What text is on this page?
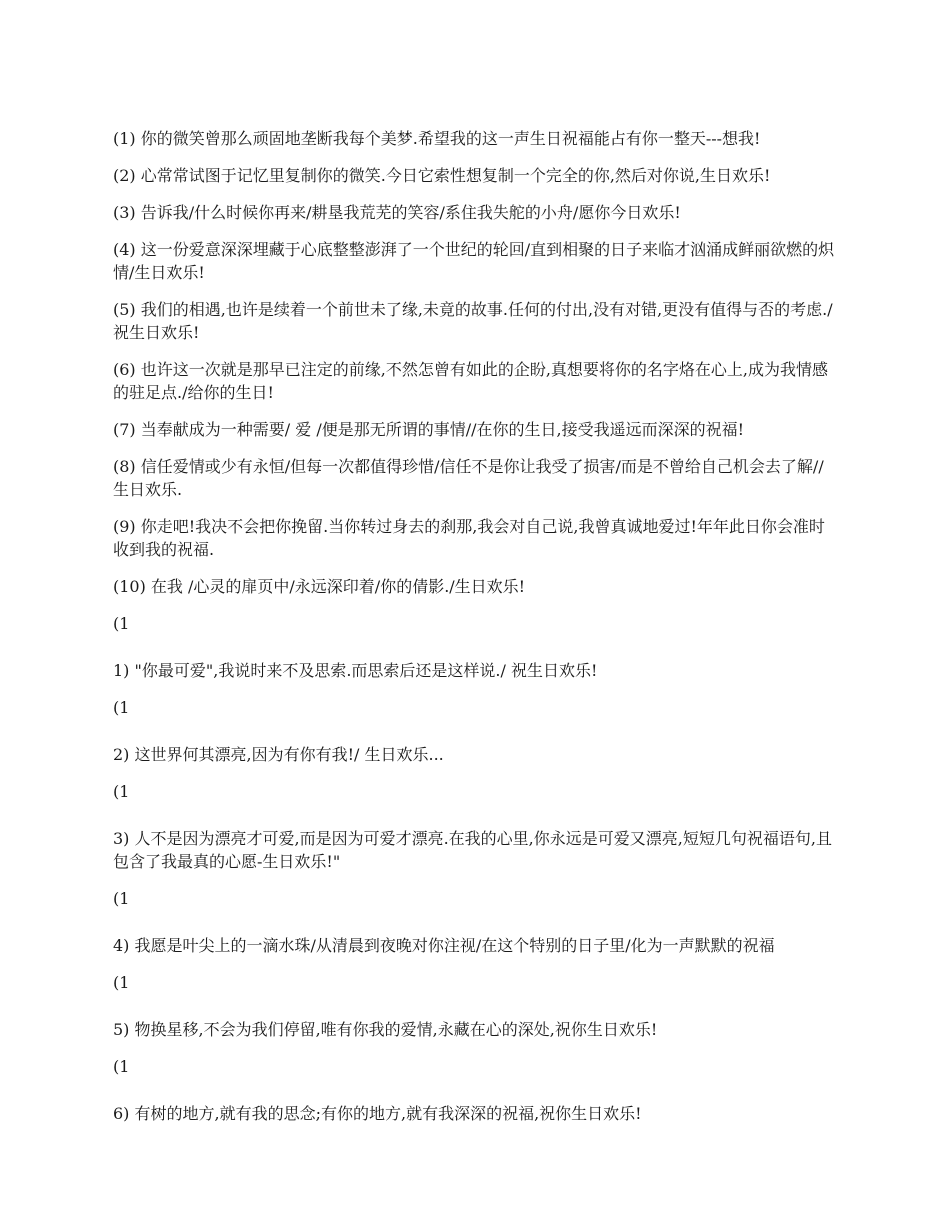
(1) 你的微笑曾那么顽固地垄断我每个美梦.希望我的这一声生日祝福能占有你一整天---想我!

(2) 心常常试图于记忆里复制你的微笑.今日它索性想复制一个完全的你,然后对你说,生日欢乐!

(3) 告诉我/什么时候你再来/耕垦我荒芜的笑容/系住我失舵的小舟/愿你今日欢乐!

(4) 这一份爱意深深埋藏于心底整整澎湃了一个世纪的轮回/直到相聚的日子来临才汹涌成鲜丽欲燃的炽情/生日欢乐!

(5) 我们的相遇,也许是续着一个前世未了缘,未竟的故事.任何的付出,没有对错,更没有值得与否的考虑./祝生日欢乐!

(6) 也许这一次就是那早已注定的前缘,不然怎曾有如此的企盼,真想要将你的名字烙在心上,成为我情感的驻足点./给你的生日!

(7) 当奉献成为一种需要/ 爱 /便是那无所谓的事情//在你的生日,接受我遥远而深深的祝福!

(8) 信任爱情或少有永恒/但每一次都值得珍惜/信任不是你让我受了损害/而是不曾给自己机会去了解//生日欢乐.

(9) 你走吧!我决不会把你挽留.当你转过身去的刹那,我会对自己说,我曾真诚地爱过!年年此日你会准时收到我的祝福.

(10) 在我 /心灵的扉页中/永远深印着/你的倩影./生日欢乐!

(1

1) "你最可爱",我说时来不及思索.而思索后还是这样说./ 祝生日欢乐!

(1

2) 这世界何其漂亮,因为有你有我!/ 生日欢乐...

(1

3) 人不是因为漂亮才可爱,而是因为可爱才漂亮.在我的心里,你永远是可爱又漂亮,短短几句祝福语句,且包含了我最真的心愿-生日欢乐!"

(1

4) 我愿是叶尖上的一滴水珠/从清晨到夜晚对你注视/在这个特别的日子里/化为一声默默的祝福

(1

5) 物换星移,不会为我们停留,唯有你我的爱情,永藏在心的深处,祝你生日欢乐!

(1

6) 有树的地方,就有我的思念;有你的地方,就有我深深的祝福,祝你生日欢乐!
